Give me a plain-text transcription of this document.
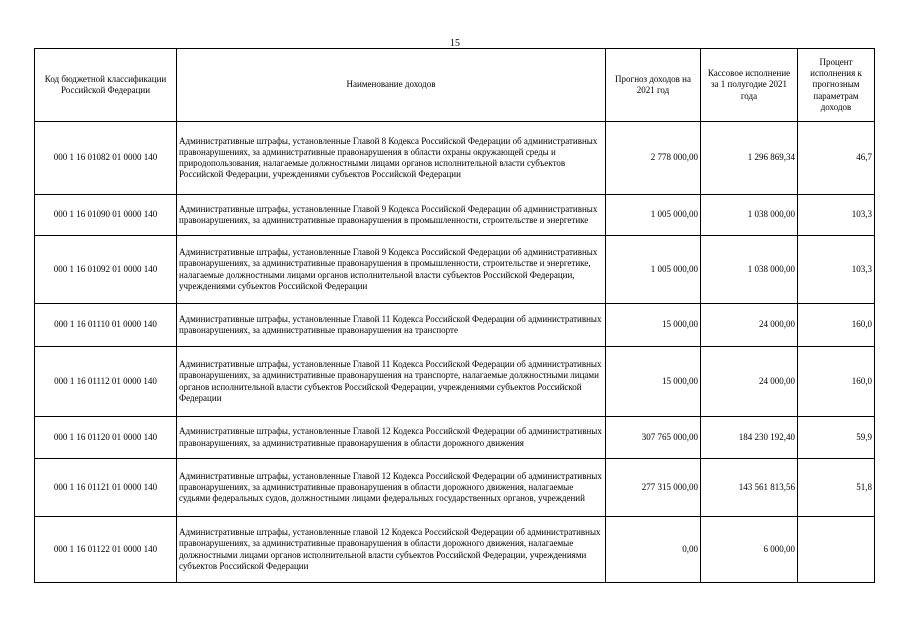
15
Код бюджетной классификации Российской Федерации	Наименование доходов	Прогноз доходов на 2021 год	Кассовое исполнение за 1 полугодие 2021 года	Процент исполнения к прогнозным параметрам доходов
000 1 16 01082 01 0000 140	Административные штрафы, установленные Главой 8 Кодекса Российской Федерации об административных правонарушениях, за административные правонарушения в области охраны окружающей среды и природопользования, налагаемые должностными лицами органов исполнительной власти субъектов Российской Федерации, учреждениями субъектов Российской Федерации	2 778 000,00	1 296 869,34	46,7
000 1 16 01090 01 0000 140	Административные штрафы, установленные Главой 9 Кодекса Российской Федерации об административных правонарушениях, за административные правонарушения в промышленности, строительстве и энергетике	1 005 000,00	1 038 000,00	103,3
000 1 16 01092 01 0000 140	Административные штрафы, установленные Главой 9 Кодекса Российской Федерации об административных правонарушениях, за административные правонарушения в промышленности, строительстве и энергетике, налагаемые должностными лицами органов исполнительной власти субъектов Российской Федерации, учреждениями субъектов Российской Федерации	1 005 000,00	1 038 000,00	103,3
000 1 16 01110 01 0000 140	Административные штрафы, установленные Главой 11 Кодекса Российской Федерации об административных правонарушениях, за административные правонарушения на транспорте	15 000,00	24 000,00	160,0
000 1 16 01112 01 0000 140	Административные штрафы, установленные Главой 11 Кодекса Российской Федерации об административных правонарушениях, за административные правонарушения на транспорте, налагаемые должностными лицами органов исполнительной власти субъектов Российской Федерации, учреждениями субъектов Российской Федерации	15 000,00	24 000,00	160,0
000 1 16 01120 01 0000 140	Административные штрафы, установленные Главой 12 Кодекса Российской Федерации об административных правонарушениях, за административные правонарушения в области дорожного движения	307 765 000,00	184 230 192,40	59,9
000 1 16 01121 01 0000 140	Административные штрафы, установленные Главой 12 Кодекса Российской Федерации об административных правонарушениях, за административные правонарушения в области дорожного движения, налагаемые судьями федеральных судов, должностными лицами федеральных государственных органов, учреждений	277 315 000,00	143 561 813,56	51,8
000 1 16 01122 01 0000 140	Административные штрафы, установленные главой 12 Кодекса Российской Федерации об административных правонарушениях, за административные правонарушения в области дорожного движения, налагаемые должностными лицами органов исполнительной власти субъектов Российской Федерации, учреждениями субъектов Российской Федерации	0,00	6 000,00	
